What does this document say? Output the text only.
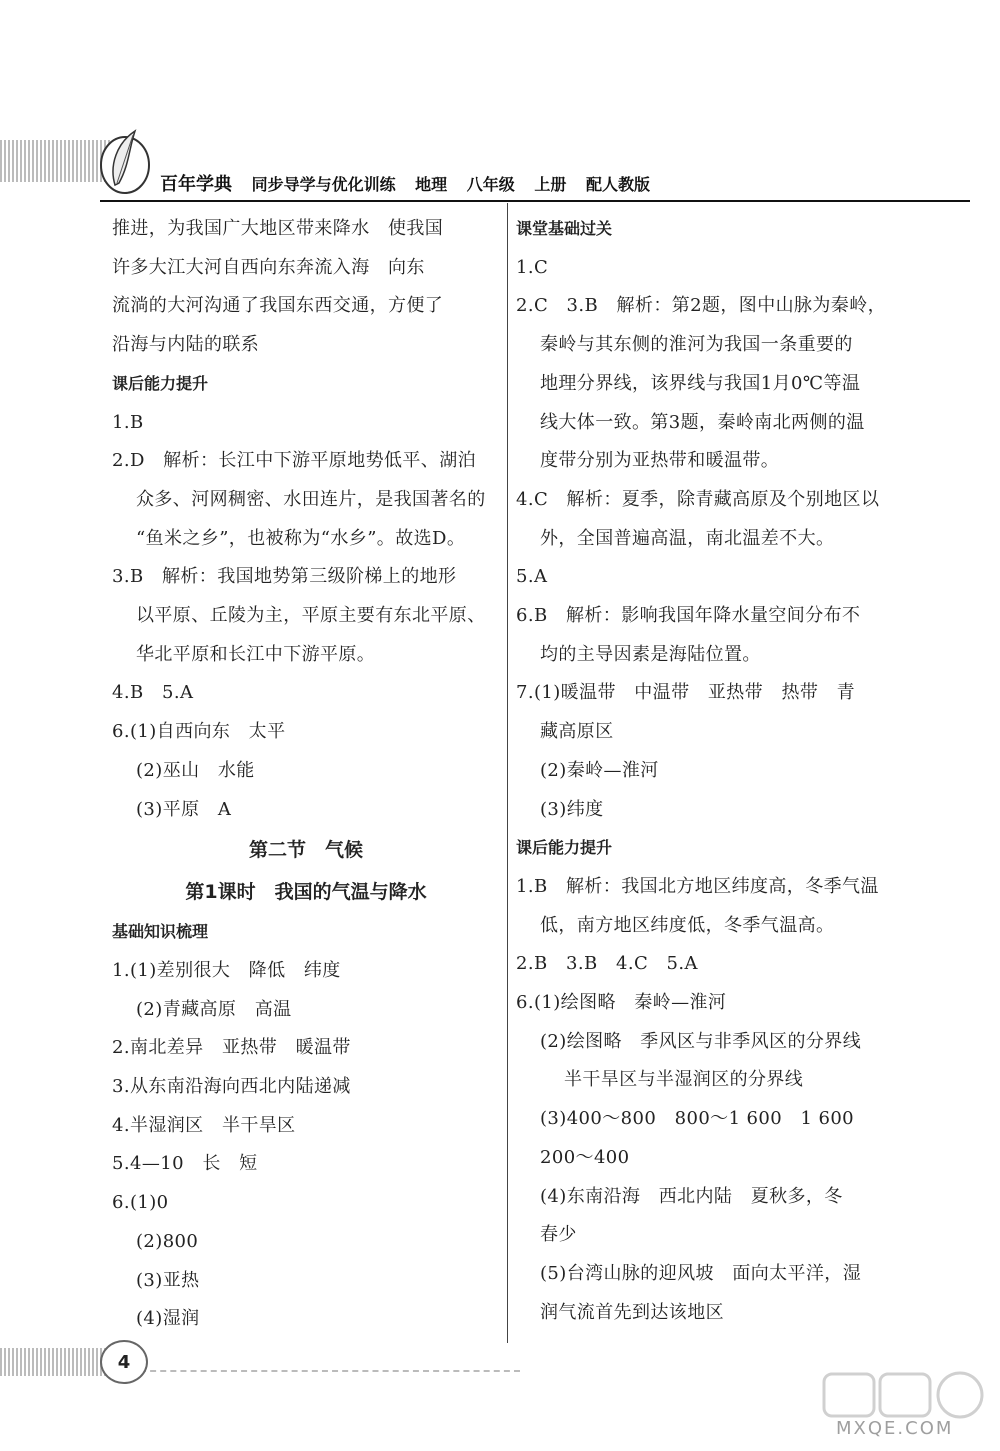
百年学典 同步导学与优化训练 地理 八年级 上册 配人教版
推进，为我国广大地区带来降水　使我国
许多大江大河自西向东奔流入海　向东
流淌的大河沟通了我国东西交通，方便了
沿海与内陆的联系
课后能力提升
1.B
2.D　解析：长江中下游平原地势低平、湖泊
众多、河网稠密、水田连片，是我国著名的
“鱼米之乡”，也被称为“水乡”。故选D。
3.B　解析：我国地势第三级阶梯上的地形
以平原、丘陵为主，平原主要有东北平原、
华北平原和长江中下游平原。
4.B　5.A
6.(1)自西向东　太平
(2)巫山　水能
(3)平原　A
第二节　气候
第1课时　我国的气温与降水
基础知识梳理
1.(1)差别很大　降低　纬度
(2)青藏高原　高温
2.南北差异　亚热带　暖温带
3.从东南沿海向西北内陆递减
4.半湿润区　半干旱区
5.4—10　长　短
6.(1)0
(2)800
(3)亚热
(4)湿润
课堂基础过关
1.C
2.C　3.B　解析：第2题，图中山脉为秦岭，
秦岭与其东侧的淮河为我国一条重要的
地理分界线，该界线与我国1月0℃等温
线大体一致。第3题，秦岭南北两侧的温
度带分别为亚热带和暖温带。
4.C　解析：夏季，除青藏高原及个别地区以
外，全国普遍高温，南北温差不大。
5.A
6.B　解析：影响我国年降水量空间分布不
均的主导因素是海陆位置。
7.(1)暖温带　中温带　亚热带　热带　青
藏高原区
(2)秦岭—淮河
(3)纬度
课后能力提升
1.B　解析：我国北方地区纬度高，冬季气温
低，南方地区纬度低，冬季气温高。
2.B　3.B　4.C　5.A
6.(1)绘图略　秦岭—淮河
(2)绘图略　季风区与非季风区的分界线
半干旱区与半湿润区的分界线
(3)400～800　800～1 600　1 600
200～400
(4)东南沿海　西北内陆　夏秋多，冬
春少
(5)台湾山脉的迎风坡　面向太平洋，湿
润气流首先到达该地区
4
MXQE.COM
